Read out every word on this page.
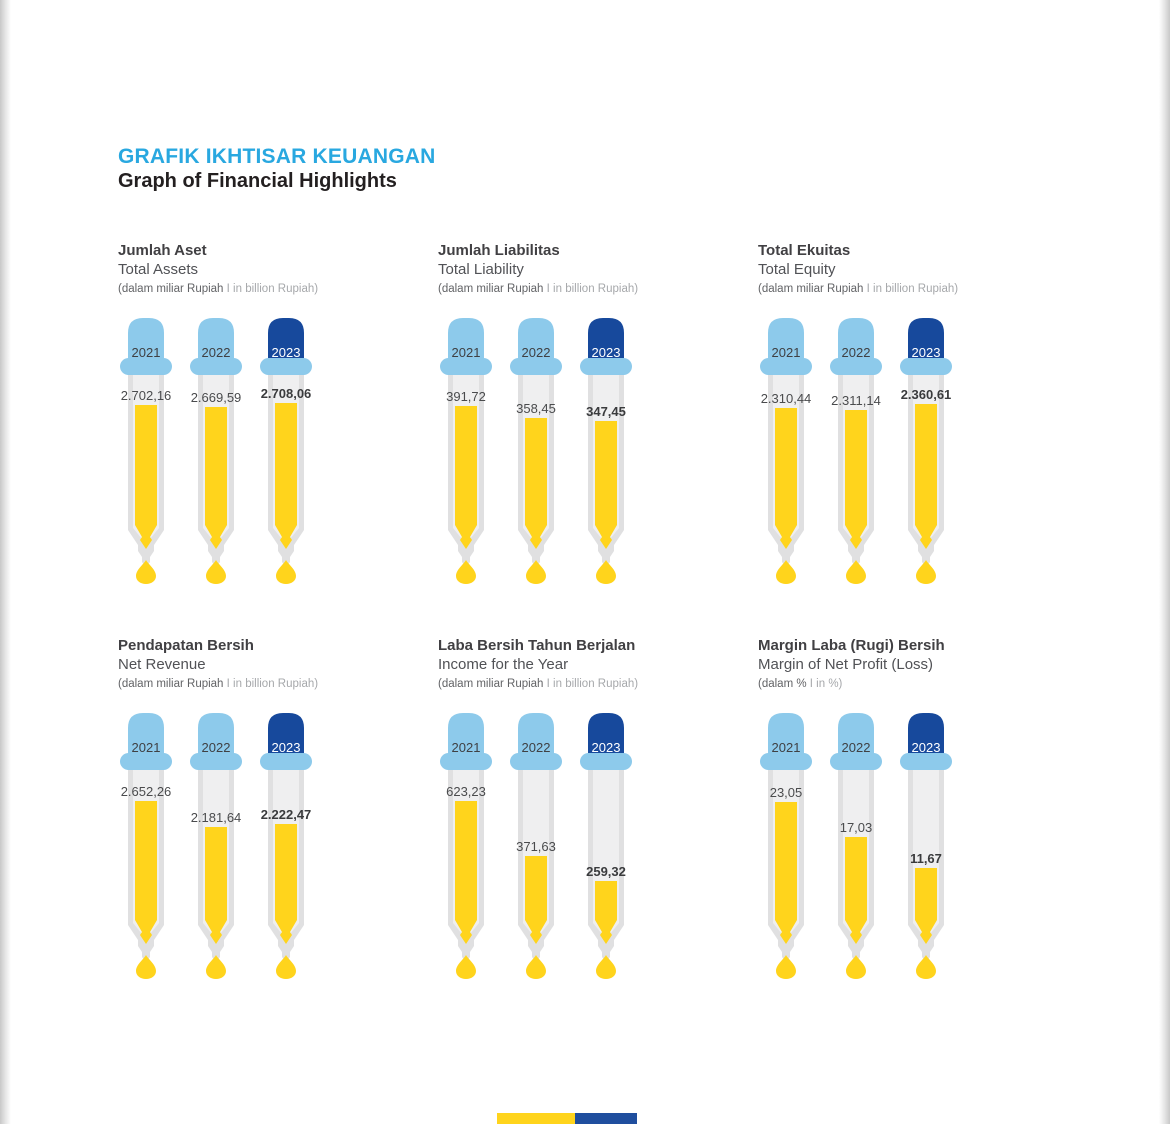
GRAFIK IKHTISAR KEUANGAN
Graph of Financial Highlights
Jumlah Aset
Total Assets
(dalam miliar Rupiah I in billion Rupiah)
2.702,16
2021
2.669,59
2022
2.708,06
2023
Jumlah Liabilitas
Total Liability
(dalam miliar Rupiah I in billion Rupiah)
391,72
2021
358,45
2022
347,45
2023
Total Ekuitas
Total Equity
(dalam miliar Rupiah I in billion Rupiah)
2.310,44
2021
2.311,14
2022
2.360,61
2023
Pendapatan Bersih
Net Revenue
(dalam miliar Rupiah I in billion Rupiah)
2.652,26
2021
2.181,64
2022
2.222,47
2023
Laba Bersih Tahun Berjalan
Income for the Year
(dalam miliar Rupiah I in billion Rupiah)
623,23
2021
371,63
2022
259,32
2023
Margin Laba (Rugi) Bersih
Margin of Net Profit (Loss)
(dalam % I in %)
23,05
2021
17,03
2022
11,67
2023
